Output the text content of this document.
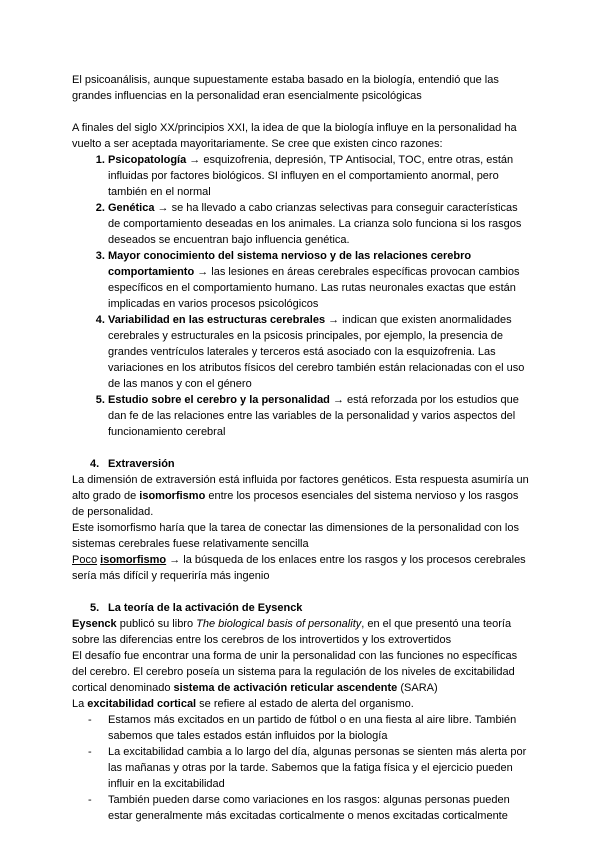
El psicoanálisis, aunque supuestamente estaba basado en la biología, entendió que las grandes influencias en la personalidad eran esencialmente psicológicas

A finales del siglo XX/principios XXI, la idea de que la biología influye en la personalidad ha vuelto a ser aceptada mayoritariamente. Se cree que existen cinco razones:

1. Psicopatología → esquizofrenia, depresión, TP Antisocial, TOC, entre otras, están influidas por factores biológicos. SI influyen en el comportamiento anormal, pero también en el normal
2. Genética → se ha llevado a cabo crianzas selectivas para conseguir características de comportamiento deseadas en los animales. La crianza solo funciona si los rasgos deseados se encuentran bajo influencia genética.
3. Mayor conocimiento del sistema nervioso y de las relaciones cerebro comportamiento → las lesiones en áreas cerebrales específicas provocan cambios específicos en el comportamiento humano. Las rutas neuronales exactas que están implicadas en varios procesos psicológicos
4. Variabilidad en las estructuras cerebrales → indican que existen anormalidades cerebrales y estructurales en la psicosis principales, por ejemplo, la presencia de grandes ventrículos laterales y terceros está asociado con la esquizofrenia. Las variaciones en los atributos físicos del cerebro también están relacionadas con el uso de las manos y con el género
5. Estudio sobre el cerebro y la personalidad → está reforzada por los estudios que dan fe de las relaciones entre las variables de la personalidad y varios aspectos del funcionamiento cerebral

4. Extraversión

La dimensión de extraversión está influida por factores genéticos. Esta respuesta asumiría un alto grado de isomorfismo entre los procesos esenciales del sistema nervioso y los rasgos de personalidad.

Este isomorfismo haría que la tarea de conectar las dimensiones de la personalidad con los sistemas cerebrales fuese relativamente sencilla

Poco isomorfismo → la búsqueda de los enlaces entre los rasgos y los procesos cerebrales sería más difícil y requeriría más ingenio

5. La teoría de la activación de Eysenck

Eysenck publicó su libro The biological basis of personality, en el que presentó una teoría sobre las diferencias entre los cerebros de los introvertidos y los extrovertidos

El desafío fue encontrar una forma de unir la personalidad con las funciones no específicas del cerebro. El cerebro poseía un sistema para la regulación de los niveles de excitabilidad cortical denominado sistema de activación reticular ascendente (SARA)

La excitabilidad cortical se refiere al estado de alerta del organismo.

- Estamos más excitados en un partido de fútbol o en una fiesta al aire libre. También sabemos que tales estados están influidos por la biología
- La excitabilidad cambia a lo largo del día, algunas personas se sienten más alerta por las mañanas y otras por la tarde. Sabemos que la fatiga física y el ejercicio pueden influir en la excitabilidad
- También pueden darse como variaciones en los rasgos: algunas personas pueden estar generalmente más excitadas corticalmente o menos excitadas corticalmente
